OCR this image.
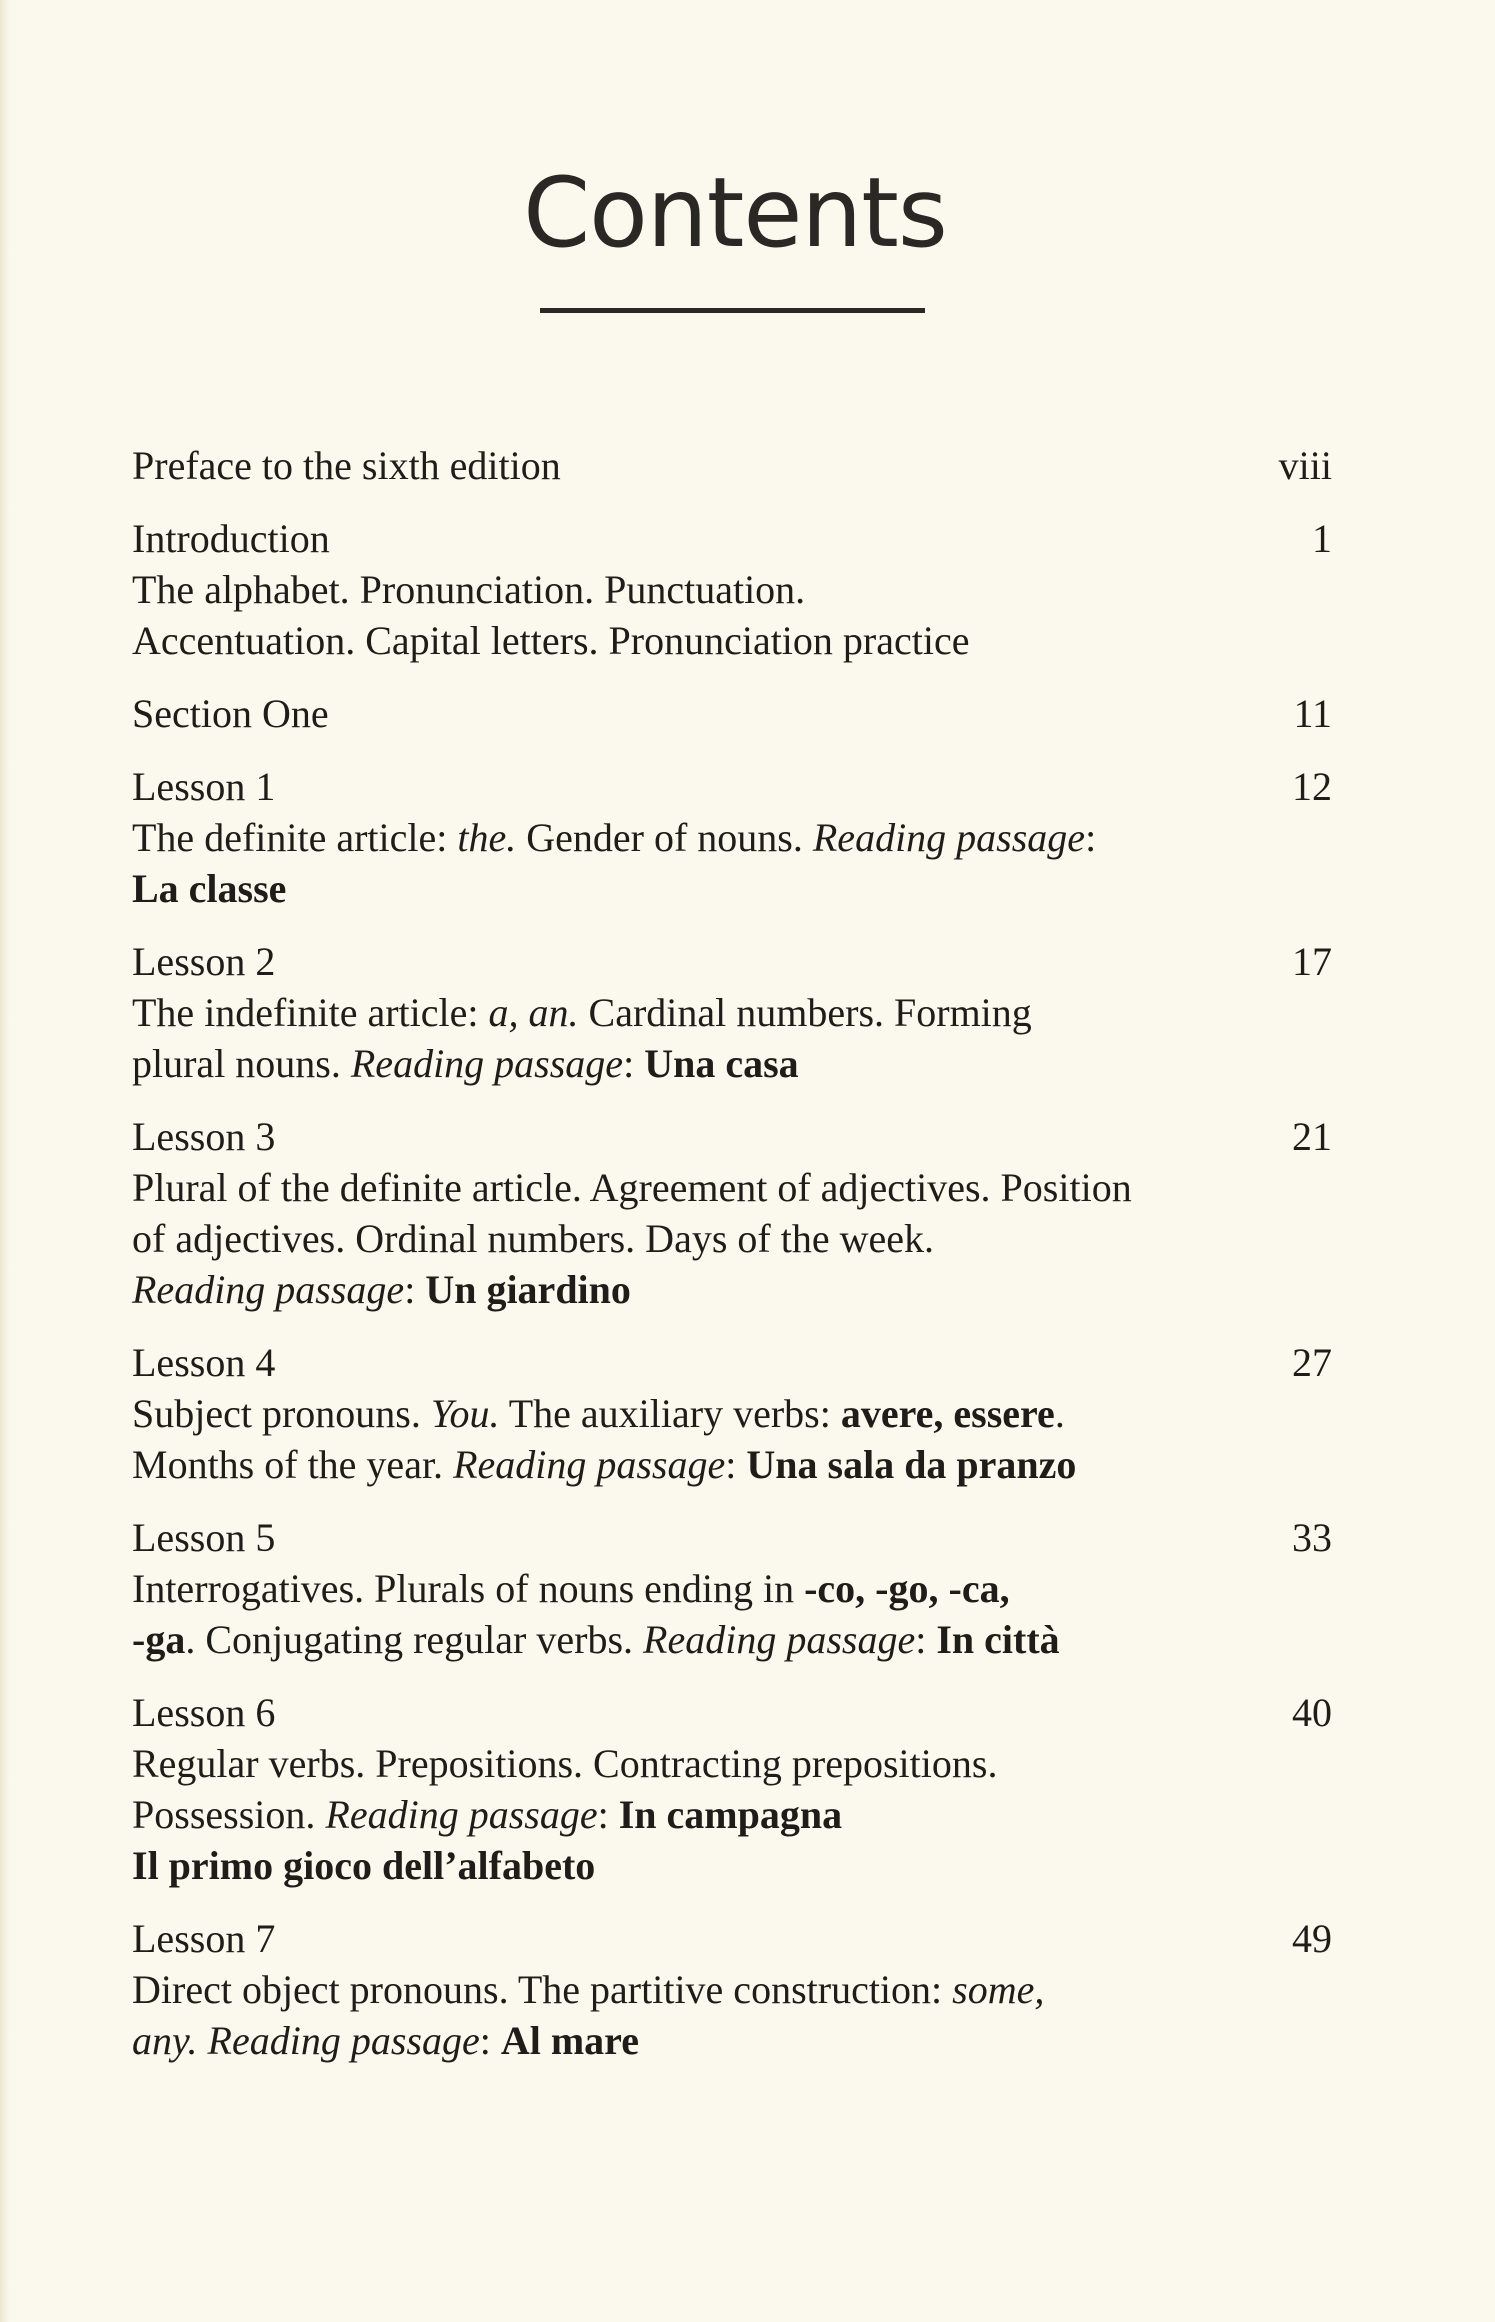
Contents
Preface to the sixth edition	viii
Introduction	1
The alphabet. Pronunciation. Punctuation.
Accentuation. Capital letters. Pronunciation practice
Section One	11
Lesson 1	12
The definite article: the. Gender of nouns. Reading passage:
La classe
Lesson 2	17
The indefinite article: a, an. Cardinal numbers. Forming
plural nouns. Reading passage: Una casa
Lesson 3	21
Plural of the definite article. Agreement of adjectives. Position
of adjectives. Ordinal numbers. Days of the week.
Reading passage: Un giardino
Lesson 4	27
Subject pronouns. You. The auxiliary verbs: avere, essere.
Months of the year. Reading passage: Una sala da pranzo
Lesson 5	33
Interrogatives. Plurals of nouns ending in -co, -go, -ca,
-ga. Conjugating regular verbs. Reading passage: In città
Lesson 6	40
Regular verbs. Prepositions. Contracting prepositions.
Possession. Reading passage: In campagna
Il primo gioco dell’alfabeto
Lesson 7	49
Direct object pronouns. The partitive construction: some,
any. Reading passage: Al mare
